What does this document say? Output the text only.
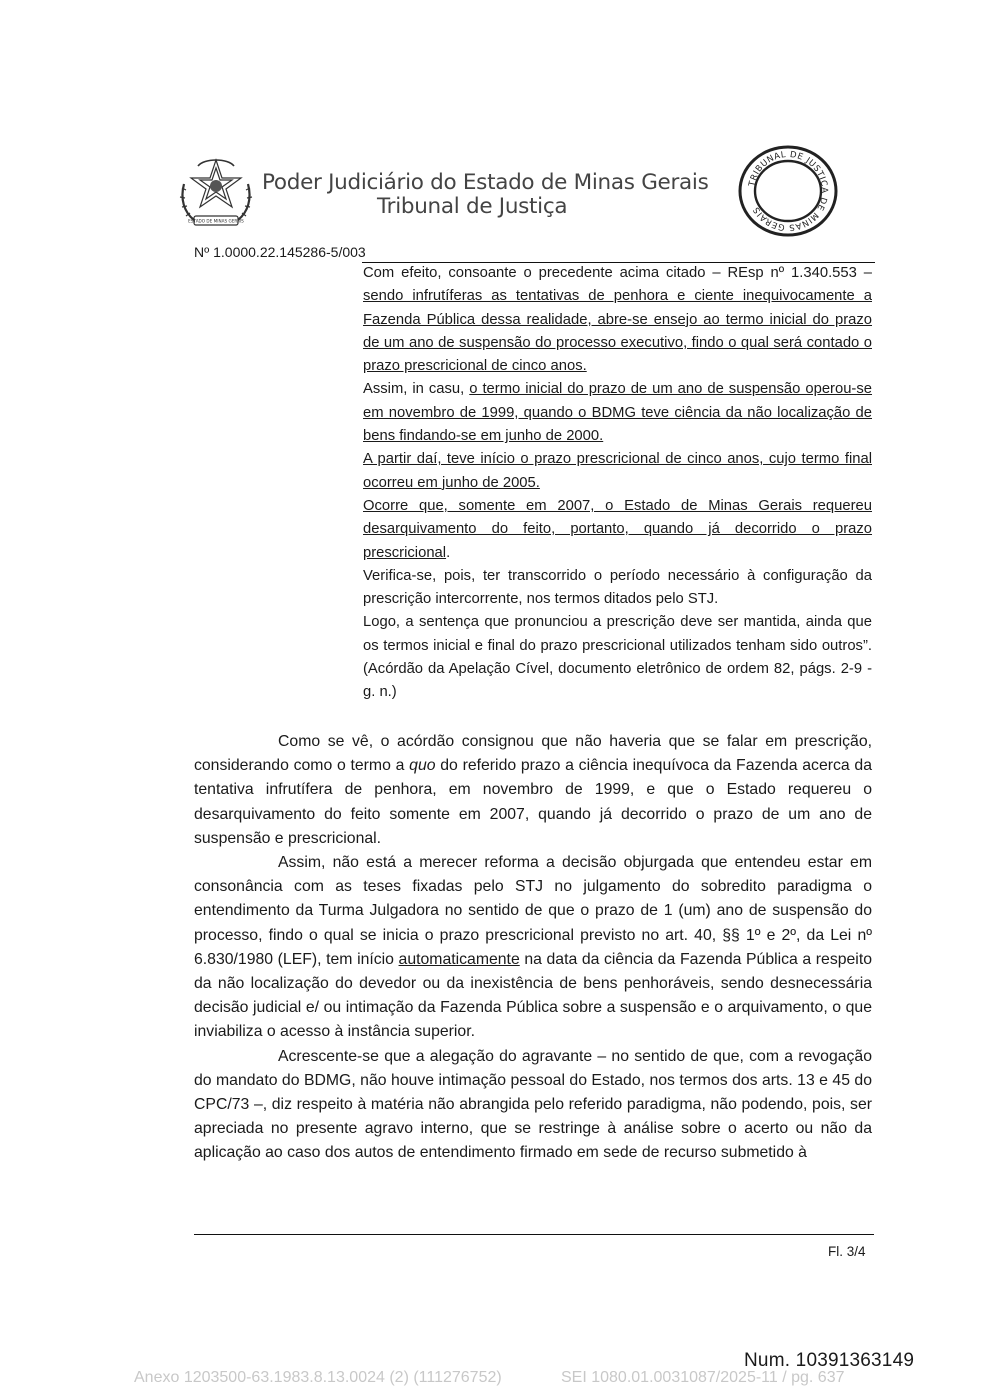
ESTADO DE MINAS GERAIS
Poder Judiciário do Estado de Minas Gerais
Tribunal de Justiça
TRIBUNAL DE JUSTIÇA DE MINAS GERAIS
Nº 1.0000.22.145286-5/003

Com efeito, consoante o precedente acima citado – REsp nº 1.340.553 – sendo infrutíferas as tentativas de penhora e ciente inequivocamente a Fazenda Pública dessa realidade, abre-se ensejo ao termo inicial do prazo de um ano de suspensão do processo executivo, findo o qual será contado o prazo prescricional de cinco anos.

Assim, in casu, o termo inicial do prazo de um ano de suspensão operou-se em novembro de 1999, quando o BDMG teve ciência da não localização de bens findando-se em junho de 2000.

A partir daí, teve início o prazo prescricional de cinco anos, cujo termo final ocorreu em junho de 2005.

Ocorre que, somente em 2007, o Estado de Minas Gerais requereu desarquivamento do feito, portanto, quando já decorrido o prazo prescricional.

Verifica-se, pois, ter transcorrido o período necessário à configuração da prescrição intercorrente, nos termos ditados pelo STJ.

Logo, a sentença que pronunciou a prescrição deve ser mantida, ainda que os termos inicial e final do prazo prescricional utilizados tenham sido outros”. (Acórdão da Apelação Cível, documento eletrônico de ordem 82, págs. 2-9 - g. n.)

Como se vê, o acórdão consignou que não haveria que se falar em prescrição, considerando como o termo a quo do referido prazo a ciência inequívoca da Fazenda acerca da tentativa infrutífera de penhora, em novembro de 1999, e que o Estado requereu o desarquivamento do feito somente em 2007, quando já decorrido o prazo de um ano de suspensão e prescricional.

Assim, não está a merecer reforma a decisão objurgada que entendeu estar em consonância com as teses fixadas pelo STJ no julgamento do sobredito paradigma o entendimento da Turma Julgadora no sentido de que o prazo de 1 (um) ano de suspensão do processo, findo o qual se inicia o prazo prescricional previsto no art. 40, §§ 1º e 2º, da Lei nº 6.830/1980 (LEF), tem início automaticamente na data da ciência da Fazenda Pública a respeito da não localização do devedor ou da inexistência de bens penhoráveis, sendo desnecessária decisão judicial e/ ou intimação da Fazenda Pública sobre a suspensão e o arquivamento, o que inviabiliza o acesso à instância superior.

Acrescente-se que a alegação do agravante – no sentido de que, com a revogação do mandato do BDMG, não houve intimação pessoal do Estado, nos termos dos arts. 13 e 45 do CPC/73 –, diz respeito à matéria não abrangida pelo referido paradigma, não podendo, pois, ser apreciada no presente agravo interno, que se restringe à análise sobre o acerto ou não da aplicação ao caso dos autos de entendimento firmado em sede de recurso submetido à

Fl. 3/4
Num. 10391363149
Anexo 1203500-63.1983.8.13.0024 (2) (111276752)	SEI 1080.01.0031087/2025-11 / pg. 637
